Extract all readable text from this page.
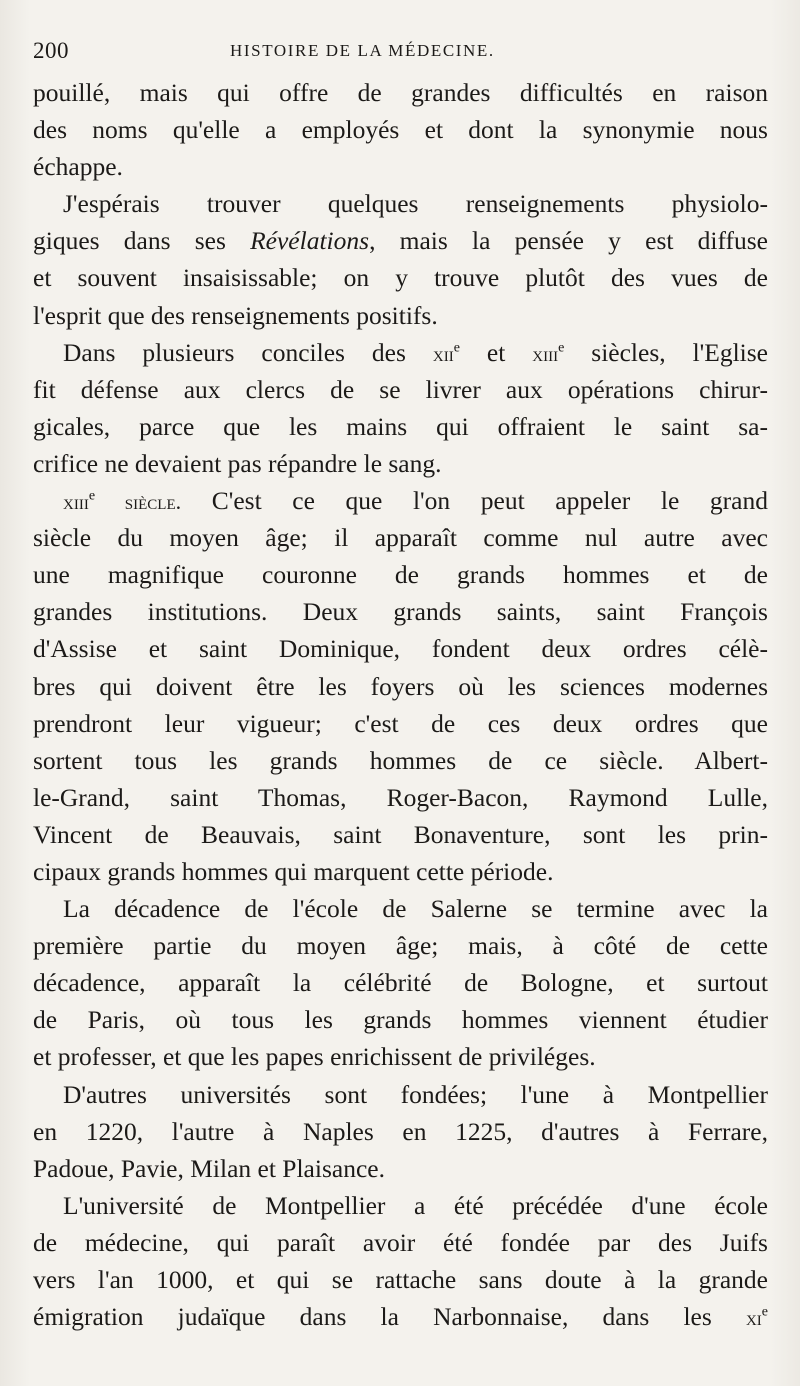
200	HISTOIRE DE LA MÉDECINE.
pouillé, mais qui offre de grandes difficultés en raison
des noms qu'elle a employés et dont la synonymie nous
échappe.
J'espérais trouver quelques renseignements physiolo-
giques dans ses Révélations, mais la pensée y est diffuse
et souvent insaisissable; on y trouve plutôt des vues de
l'esprit que des renseignements positifs.
Dans plusieurs conciles des xii$^e$ et xiii$^e$ siècles, l'Eglise
fit défense aux clercs de se livrer aux opérations chirur-
gicales, parce que les mains qui offraient le saint sa-
crifice ne devaient pas répandre le sang.
xiii$^e$ siècle. C'est ce que l'on peut appeler le grand
siècle du moyen âge; il apparaît comme nul autre avec
une magnifique couronne de grands hommes et de
grandes institutions. Deux grands saints, saint François
d'Assise et saint Dominique, fondent deux ordres célè-
bres qui doivent être les foyers où les sciences modernes
prendront leur vigueur; c'est de ces deux ordres que
sortent tous les grands hommes de ce siècle. Albert-
le-Grand, saint Thomas, Roger-Bacon, Raymond Lulle,
Vincent de Beauvais, saint Bonaventure, sont les prin-
cipaux grands hommes qui marquent cette période.
La décadence de l'école de Salerne se termine avec la
première partie du moyen âge; mais, à côté de cette
décadence, apparaît la célébrité de Bologne, et surtout
de Paris, où tous les grands hommes viennent étudier
et professer, et que les papes enrichissent de priviléges.
D'autres universités sont fondées; l'une à Montpellier
en 1220, l'autre à Naples en 1225, d'autres à Ferrare,
Padoue, Pavie, Milan et Plaisance.
L'université de Montpellier a été précédée d'une école
de médecine, qui paraît avoir été fondée par des Juifs
vers l'an 1000, et qui se rattache sans doute à la grande
émigration judaïque dans la Narbonnaise, dans les $xi^e$
